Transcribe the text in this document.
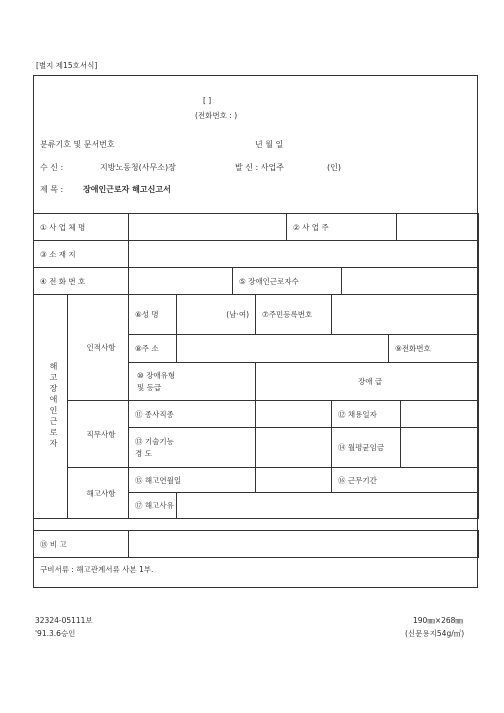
[별지 제15호서식]
[ ]
(전화번호 : )
분류기호 및 문서번호	년 월 일
수 신 :	지방노동청(사무소)장	발 신 : 사업주	(인)
제 목 : 장애인근로자 해고신고서
① 사 업 체 명			② 사 업 주		
③ 소 재 지					
④ 전 화 번 호		⑤ 장애인근로자수			
해고장애인근로자	인적사항	⑥성 명	(남·여)	⑦주민등록번호				
		⑧주 소				⑨전화번호		
		⑩ 장애유형
및 등급		장애 급				
	직무사항	⑪ 종사직종			⑫ 채용일자			
		⑬ 기술기능
경 도			⑭ 월평균임금			
	해고사항	⑮ 해고연월일			⑯ 근무기간			
		⑰ 해고사유						

⑱ 비 고	
구비서류 : 해고관계서류 사본 1부.
32324-05111보
'91.3.6승인
190㎜×268㎜
(신문용지54g/㎡)
